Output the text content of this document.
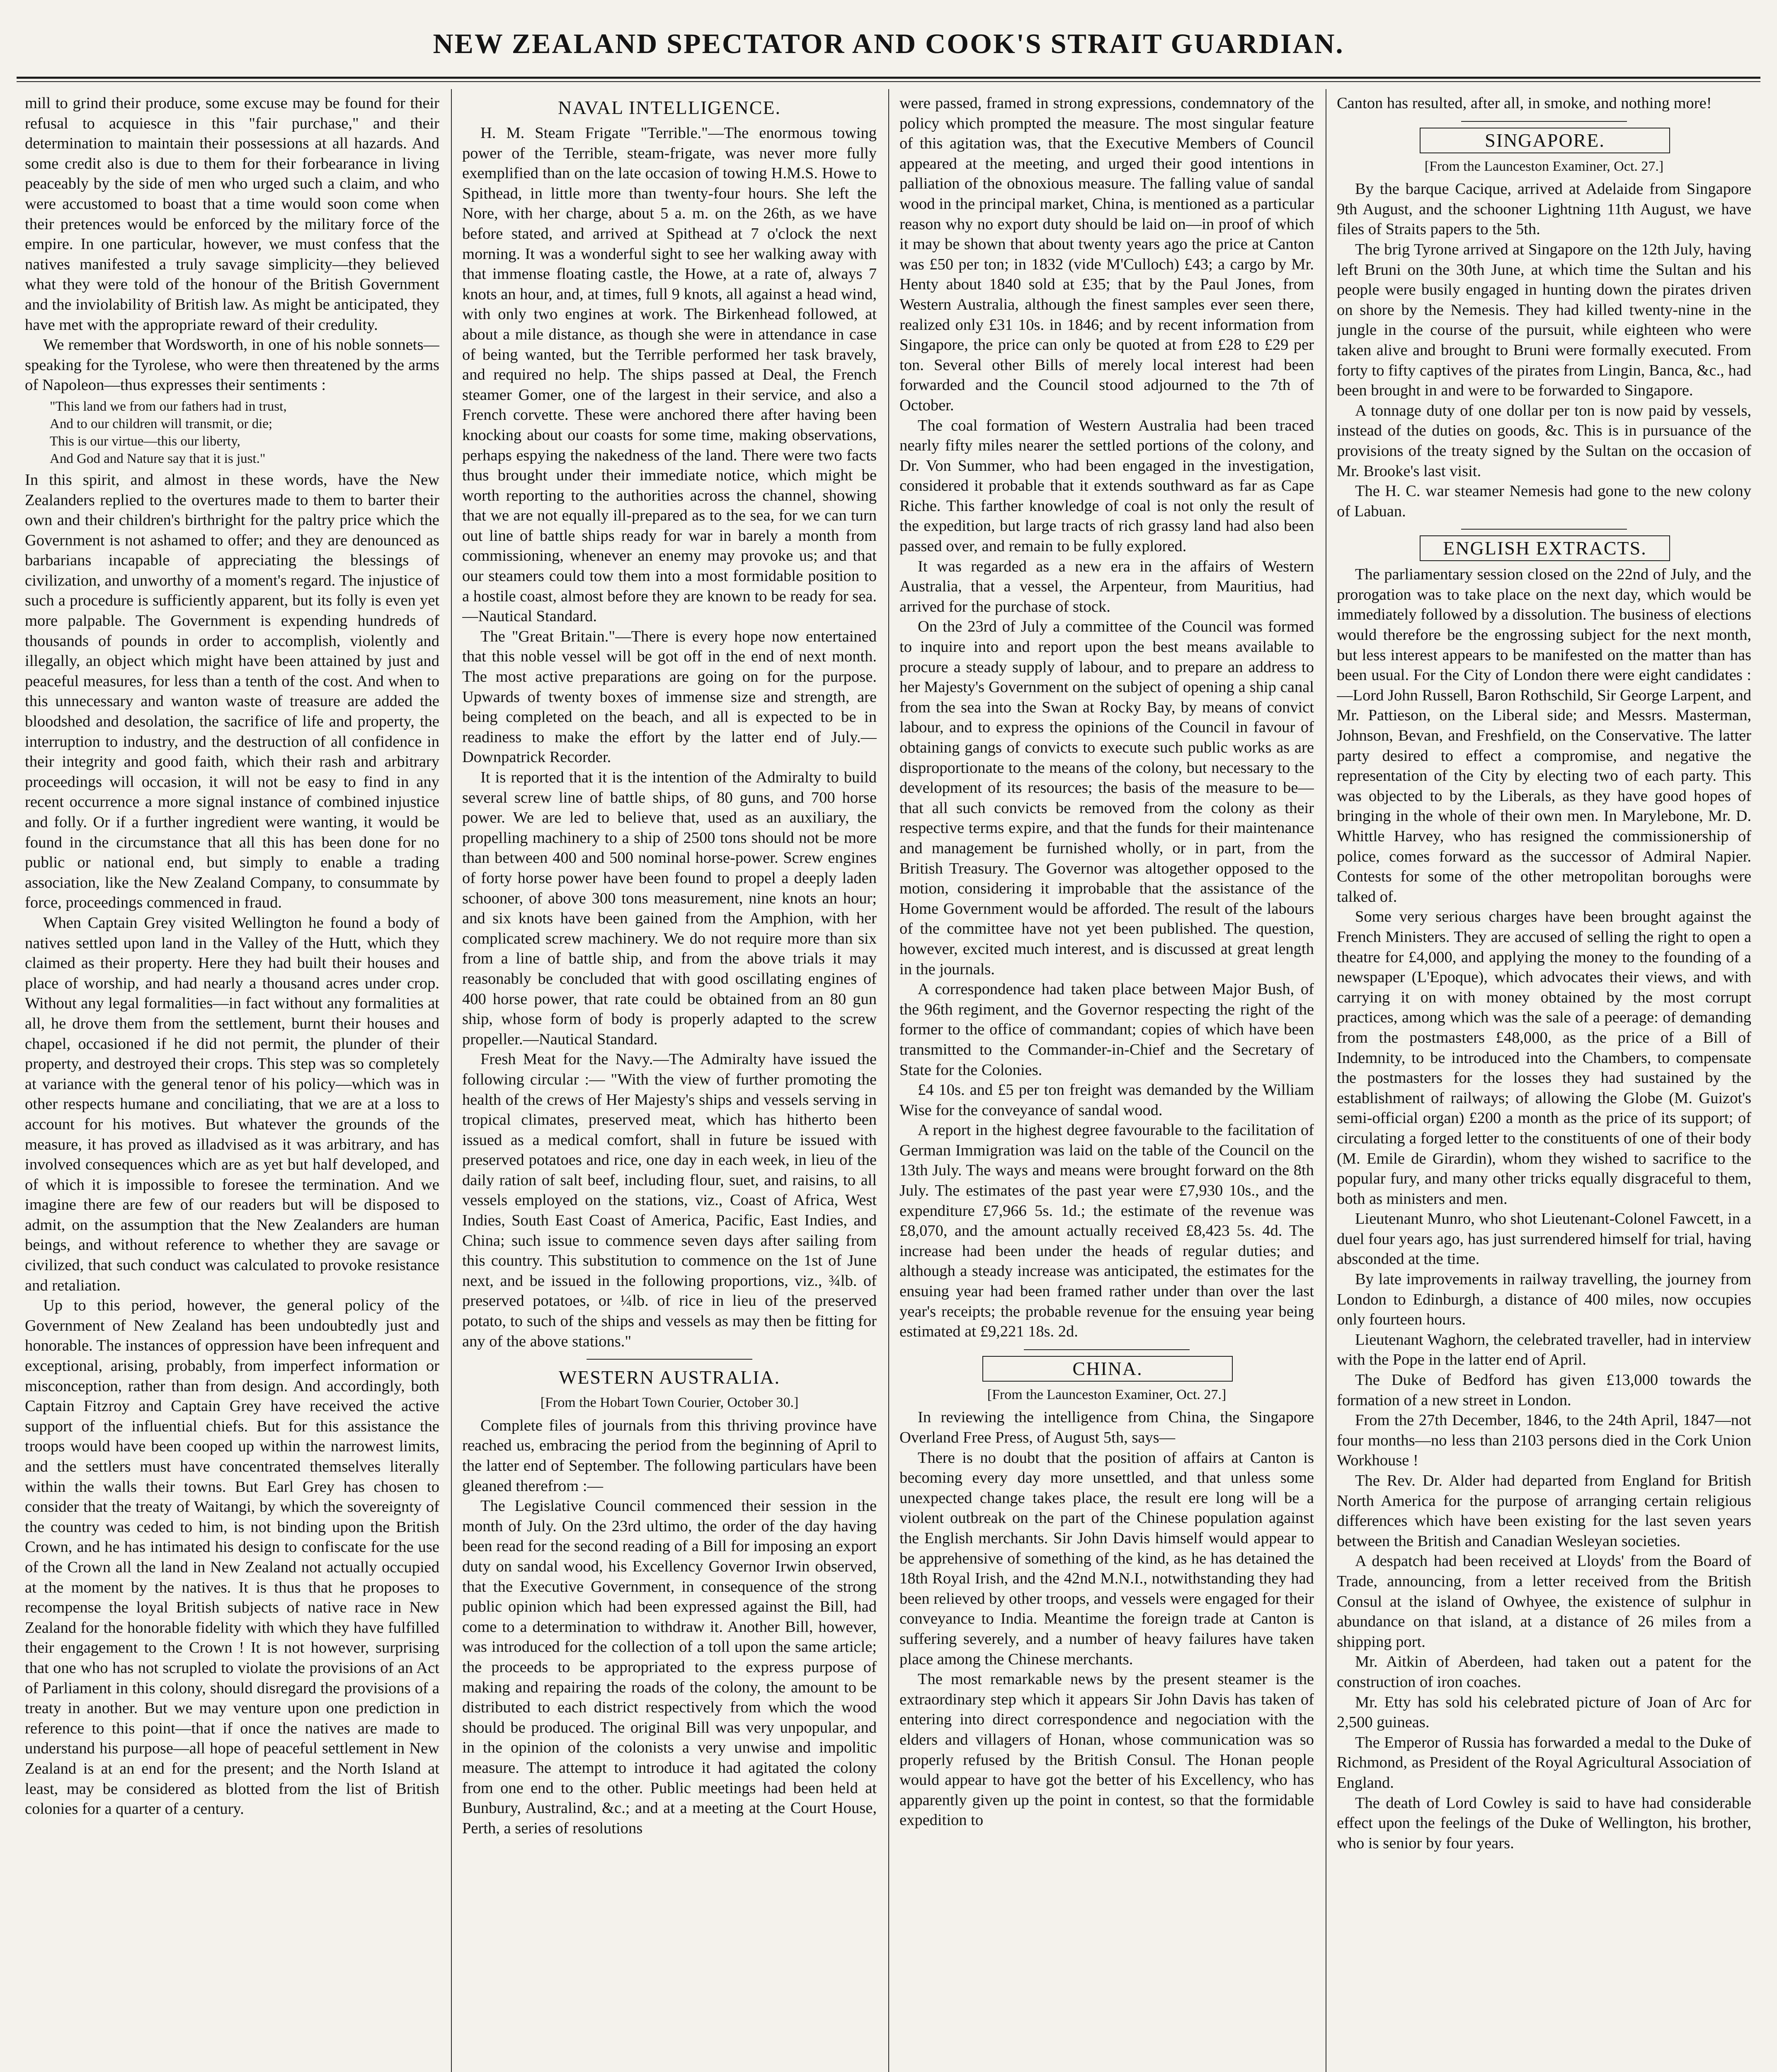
NEW ZEALAND SPECTATOR AND COOK'S STRAIT GUARDIAN.

mill to grind their produce, some excuse may be found for their refusal to acquiesce in this "fair purchase," and their determination to maintain their possessions at all hazards. And some credit also is due to them for their forbearance in living peaceably by the side of men who urged such a claim, and who were accustomed to boast that a time would soon come when their pretences would be enforced by the military force of the empire. In one particular, however, we must confess that the natives manifested a truly savage simplicity—they believed what they were told of the honour of the British Government and the inviolability of British law. As might be anticipated, they have met with the appropriate reward of their credulity.

We remember that Wordsworth, in one of his noble sonnets—speaking for the Tyrolese, who were then threatened by the arms of Napoleon—thus expresses their sentiments :

"This land we from our fathers had in trust,
And to our children will transmit, or die;
This is our virtue—this our liberty,
And God and Nature say that it is just."

In this spirit, and almost in these words, have the New Zealanders replied to the overtures made to them to barter their own and their children's birthright for the paltry price which the Government is not ashamed to offer; and they are denounced as barbarians incapable of appreciating the blessings of civilization, and unworthy of a moment's regard. The injustice of such a procedure is sufficiently apparent, but its folly is even yet more palpable. The Government is expending hundreds of thousands of pounds in order to accomplish, violently and illegally, an object which might have been attained by just and peaceful measures, for less than a tenth of the cost. And when to this unnecessary and wanton waste of treasure are added the bloodshed and desolation, the sacrifice of life and property, the interruption to industry, and the destruction of all confidence in their integrity and good faith, which their rash and arbitrary proceedings will occasion, it will not be easy to find in any recent occurrence a more signal instance of combined injustice and folly. Or if a further ingredient were wanting, it would be found in the circumstance that all this has been done for no public or national end, but simply to enable a trading association, like the New Zealand Company, to consummate by force, proceedings commenced in fraud.

When Captain Grey visited Wellington he found a body of natives settled upon land in the Valley of the Hutt, which they claimed as their property. Here they had built their houses and place of worship, and had nearly a thousand acres under crop. Without any legal formalities—in fact without any formalities at all, he drove them from the settlement, burnt their houses and chapel, occasioned if he did not permit, the plunder of their property, and destroyed their crops. This step was so completely at variance with the general tenor of his policy—which was in other respects humane and conciliating, that we are at a loss to account for his motives. But whatever the grounds of the measure, it has proved as illadvised as it was arbitrary, and has involved consequences which are as yet but half developed, and of which it is impossible to foresee the termination. And we imagine there are few of our readers but will be disposed to admit, on the assumption that the New Zealanders are human beings, and without reference to whether they are savage or civilized, that such conduct was calculated to provoke resistance and retaliation.

Up to this period, however, the general policy of the Government of New Zealand has been undoubtedly just and honorable. The instances of oppression have been infrequent and exceptional, arising, probably, from imperfect information or misconception, rather than from design. And accordingly, both Captain Fitzroy and Captain Grey have received the active support of the influential chiefs. But for this assistance the troops would have been cooped up within the narrowest limits, and the settlers must have concentrated themselves literally within the walls their towns. But Earl Grey has chosen to consider that the treaty of Waitangi, by which the sovereignty of the country was ceded to him, is not binding upon the British Crown, and he has intimated his design to confiscate for the use of the Crown all the land in New Zealand not actually occupied at the moment by the natives. It is thus that he proposes to recompense the loyal British subjects of native race in New Zealand for the honorable fidelity with which they have fulfilled their engagement to the Crown ! It is not however, surprising that one who has not scrupled to violate the provisions of an Act of Parliament in this colony, should disregard the provisions of a treaty in another. But we may venture upon one prediction in reference to this point—that if once the natives are made to understand his purpose—all hope of peaceful settlement in New Zealand is at an end for the present; and the North Island at least, may be considered as blotted from the list of British colonies for a quarter of a century.

NAVAL INTELLIGENCE.

H. M. Steam Frigate "Terrible."—The enormous towing power of the Terrible, steam-frigate, was never more fully exemplified than on the late occasion of towing H.M.S. Howe to Spithead, in little more than twenty-four hours. She left the Nore, with her charge, about 5 a. m. on the 26th, as we have before stated, and arrived at Spithead at 7 o'clock the next morning. It was a wonderful sight to see her walking away with that immense floating castle, the Howe, at a rate of, always 7 knots an hour, and, at times, full 9 knots, all against a head wind, with only two engines at work. The Birkenhead followed, at about a mile distance, as though she were in attendance in case of being wanted, but the Terrible performed her task bravely, and required no help. The ships passed at Deal, the French steamer Gomer, one of the largest in their service, and also a French corvette. These were anchored there after having been knocking about our coasts for some time, making observations, perhaps espying the nakedness of the land. There were two facts thus brought under their immediate notice, which might be worth reporting to the authorities across the channel, showing that we are not equally ill-prepared as to the sea, for we can turn out line of battle ships ready for war in barely a month from commissioning, whenever an enemy may provoke us; and that our steamers could tow them into a most formidable position to a hostile coast, almost before they are known to be ready for sea.—Nautical Standard.

The "Great Britain."—There is every hope now entertained that this noble vessel will be got off in the end of next month. The most active preparations are going on for the purpose. Upwards of twenty boxes of immense size and strength, are being completed on the beach, and all is expected to be in readiness to make the effort by the latter end of July.—Downpatrick Recorder.

It is reported that it is the intention of the Admiralty to build several screw line of battle ships, of 80 guns, and 700 horse power. We are led to believe that, used as an auxiliary, the propelling machinery to a ship of 2500 tons should not be more than between 400 and 500 nominal horse-power. Screw engines of forty horse power have been found to propel a deeply laden schooner, of above 300 tons measurement, nine knots an hour; and six knots have been gained from the Amphion, with her complicated screw machinery. We do not require more than six from a line of battle ship, and from the above trials it may reasonably be concluded that with good oscillating engines of 400 horse power, that rate could be obtained from an 80 gun ship, whose form of body is properly adapted to the screw propeller.—Nautical Standard.

Fresh Meat for the Navy.—The Admiralty have issued the following circular :— "With the view of further promoting the health of the crews of Her Majesty's ships and vessels serving in tropical climates, preserved meat, which has hitherto been issued as a medical comfort, shall in future be issued with preserved potatoes and rice, one day in each week, in lieu of the daily ration of salt beef, including flour, suet, and raisins, to all vessels employed on the stations, viz., Coast of Africa, West Indies, South East Coast of America, Pacific, East Indies, and China; such issue to commence seven days after sailing from this country. This substitution to commence on the 1st of June next, and be issued in the following proportions, viz., ¾lb. of preserved potatoes, or ¼lb. of rice in lieu of the preserved potato, to such of the ships and vessels as may then be fitting for any of the above stations."

WESTERN AUSTRALIA.
[From the Hobart Town Courier, October 30.]

Complete files of journals from this thriving province have reached us, embracing the period from the beginning of April to the latter end of September. The following particulars have been gleaned therefrom :—

The Legislative Council commenced their session in the month of July. On the 23rd ultimo, the order of the day having been read for the second reading of a Bill for imposing an export duty on sandal wood, his Excellency Governor Irwin observed, that the Executive Government, in consequence of the strong public opinion which had been expressed against the Bill, had come to a determination to withdraw it. Another Bill, however, was introduced for the collection of a toll upon the same article; the proceeds to be appropriated to the express purpose of making and repairing the roads of the colony, the amount to be distributed to each district respectively from which the wood should be produced. The original Bill was very unpopular, and in the opinion of the colonists a very unwise and impolitic measure. The attempt to introduce it had agitated the colony from one end to the other. Public meetings had been held at Bunbury, Australind, &c.; and at a meeting at the Court House, Perth, a series of resolutions

were passed, framed in strong expressions, condemnatory of the policy which prompted the measure. The most singular feature of this agitation was, that the Executive Members of Council appeared at the meeting, and urged their good intentions in palliation of the obnoxious measure. The falling value of sandal wood in the principal market, China, is mentioned as a particular reason why no export duty should be laid on—in proof of which it may be shown that about twenty years ago the price at Canton was £50 per ton; in 1832 (vide M'Culloch) £43; a cargo by Mr. Henty about 1840 sold at £35; that by the Paul Jones, from Western Australia, although the finest samples ever seen there, realized only £31 10s. in 1846; and by recent information from Singapore, the price can only be quoted at from £28 to £29 per ton. Several other Bills of merely local interest had been forwarded and the Council stood adjourned to the 7th of October.

The coal formation of Western Australia had been traced nearly fifty miles nearer the settled portions of the colony, and Dr. Von Summer, who had been engaged in the investigation, considered it probable that it extends southward as far as Cape Riche. This farther knowledge of coal is not only the result of the expedition, but large tracts of rich grassy land had also been passed over, and remain to be fully explored.

It was regarded as a new era in the affairs of Western Australia, that a vessel, the Arpenteur, from Mauritius, had arrived for the purchase of stock.

On the 23rd of July a committee of the Council was formed to inquire into and report upon the best means available to procure a steady supply of labour, and to prepare an address to her Majesty's Government on the subject of opening a ship canal from the sea into the Swan at Rocky Bay, by means of convict labour, and to express the opinions of the Council in favour of obtaining gangs of convicts to execute such public works as are disproportionate to the means of the colony, but necessary to the development of its resources; the basis of the measure to be—that all such convicts be removed from the colony as their respective terms expire, and that the funds for their maintenance and management be furnished wholly, or in part, from the British Treasury. The Governor was altogether opposed to the motion, considering it improbable that the assistance of the Home Government would be afforded. The result of the labours of the committee have not yet been published. The question, however, excited much interest, and is discussed at great length in the journals.

A correspondence had taken place between Major Bush, of the 96th regiment, and the Governor respecting the right of the former to the office of commandant; copies of which have been transmitted to the Commander-in-Chief and the Secretary of State for the Colonies.

£4 10s. and £5 per ton freight was demanded by the William Wise for the conveyance of sandal wood.

A report in the highest degree favourable to the facilitation of German Immigration was laid on the table of the Council on the 13th July. The ways and means were brought forward on the 8th July. The estimates of the past year were £7,930 10s., and the expenditure £7,966 5s. 1d.; the estimate of the revenue was £8,070, and the amount actually received £8,423 5s. 4d. The increase had been under the heads of regular duties; and although a steady increase was anticipated, the estimates for the ensuing year had been framed rather under than over the last year's receipts; the probable revenue for the ensuing year being estimated at £9,221 18s. 2d.

CHINA.
[From the Launceston Examiner, Oct. 27.]

In reviewing the intelligence from China, the Singapore Overland Free Press, of August 5th, says—

There is no doubt that the position of affairs at Canton is becoming every day more unsettled, and that unless some unexpected change takes place, the result ere long will be a violent outbreak on the part of the Chinese population against the English merchants. Sir John Davis himself would appear to be apprehensive of something of the kind, as he has detained the 18th Royal Irish, and the 42nd M.N.I., notwithstanding they had been relieved by other troops, and vessels were engaged for their conveyance to India. Meantime the foreign trade at Canton is suffering severely, and a number of heavy failures have taken place among the Chinese merchants.

The most remarkable news by the present steamer is the extraordinary step which it appears Sir John Davis has taken of entering into direct correspondence and negociation with the elders and villagers of Honan, whose communication was so properly refused by the British Consul. The Honan people would appear to have got the better of his Excellency, who has apparently given up the point in contest, so that the formidable expedition to

Canton has resulted, after all, in smoke, and nothing more!

SINGAPORE.
[From the Launceston Examiner, Oct. 27.]

By the barque Cacique, arrived at Adelaide from Singapore 9th August, and the schooner Lightning 11th August, we have files of Straits papers to the 5th.

The brig Tyrone arrived at Singapore on the 12th July, having left Bruni on the 30th June, at which time the Sultan and his people were busily engaged in hunting down the pirates driven on shore by the Nemesis. They had killed twenty-nine in the jungle in the course of the pursuit, while eighteen who were taken alive and brought to Bruni were formally executed. From forty to fifty captives of the pirates from Lingin, Banca, &c., had been brought in and were to be forwarded to Singapore.

A tonnage duty of one dollar per ton is now paid by vessels, instead of the duties on goods, &c. This is in pursuance of the provisions of the treaty signed by the Sultan on the occasion of Mr. Brooke's last visit.

The H. C. war steamer Nemesis had gone to the new colony of Labuan.

ENGLISH EXTRACTS.

The parliamentary session closed on the 22nd of July, and the prorogation was to take place on the next day, which would be immediately followed by a dissolution. The business of elections would therefore be the engrossing subject for the next month, but less interest appears to be manifested on the matter than has been usual. For the City of London there were eight candidates :—Lord John Russell, Baron Rothschild, Sir George Larpent, and Mr. Pattieson, on the Liberal side; and Messrs. Masterman, Johnson, Bevan, and Freshfield, on the Conservative. The latter party desired to effect a compromise, and negative the representation of the City by electing two of each party. This was objected to by the Liberals, as they have good hopes of bringing in the whole of their own men. In Marylebone, Mr. D. Whittle Harvey, who has resigned the commissionership of police, comes forward as the successor of Admiral Napier. Contests for some of the other metropolitan boroughs were talked of.

Some very serious charges have been brought against the French Ministers. They are accused of selling the right to open a theatre for £4,000, and applying the money to the founding of a newspaper (L'Epoque), which advocates their views, and with carrying it on with money obtained by the most corrupt practices, among which was the sale of a peerage: of demanding from the postmasters £48,000, as the price of a Bill of Indemnity, to be introduced into the Chambers, to compensate the postmasters for the losses they had sustained by the establishment of railways; of allowing the Globe (M. Guizot's semi-official organ) £200 a month as the price of its support; of circulating a forged letter to the constituents of one of their body (M. Emile de Girardin), whom they wished to sacrifice to the popular fury, and many other tricks equally disgraceful to them, both as ministers and men.

Lieutenant Munro, who shot Lieutenant-Colonel Fawcett, in a duel four years ago, has just surrendered himself for trial, having absconded at the time.

By late improvements in railway travelling, the journey from London to Edinburgh, a distance of 400 miles, now occupies only fourteen hours.

Lieutenant Waghorn, the celebrated traveller, had in interview with the Pope in the latter end of April.

The Duke of Bedford has given £13,000 towards the formation of a new street in London.

From the 27th December, 1846, to the 24th April, 1847—not four months—no less than 2103 persons died in the Cork Union Workhouse !

The Rev. Dr. Alder had departed from England for British North America for the purpose of arranging certain religious differences which have been existing for the last seven years between the British and Canadian Wesleyan societies.

A despatch had been received at Lloyds' from the Board of Trade, announcing, from a letter received from the British Consul at the island of Owhyee, the existence of sulphur in abundance on that island, at a distance of 26 miles from a shipping port.

Mr. Aitkin of Aberdeen, had taken out a patent for the construction of iron coaches.

Mr. Etty has sold his celebrated picture of Joan of Arc for 2,500 guineas.

The Emperor of Russia has forwarded a medal to the Duke of Richmond, as President of the Royal Agricultural Association of England.

The death of Lord Cowley is said to have had considerable effect upon the feelings of the Duke of Wellington, his brother, who is senior by four years.
